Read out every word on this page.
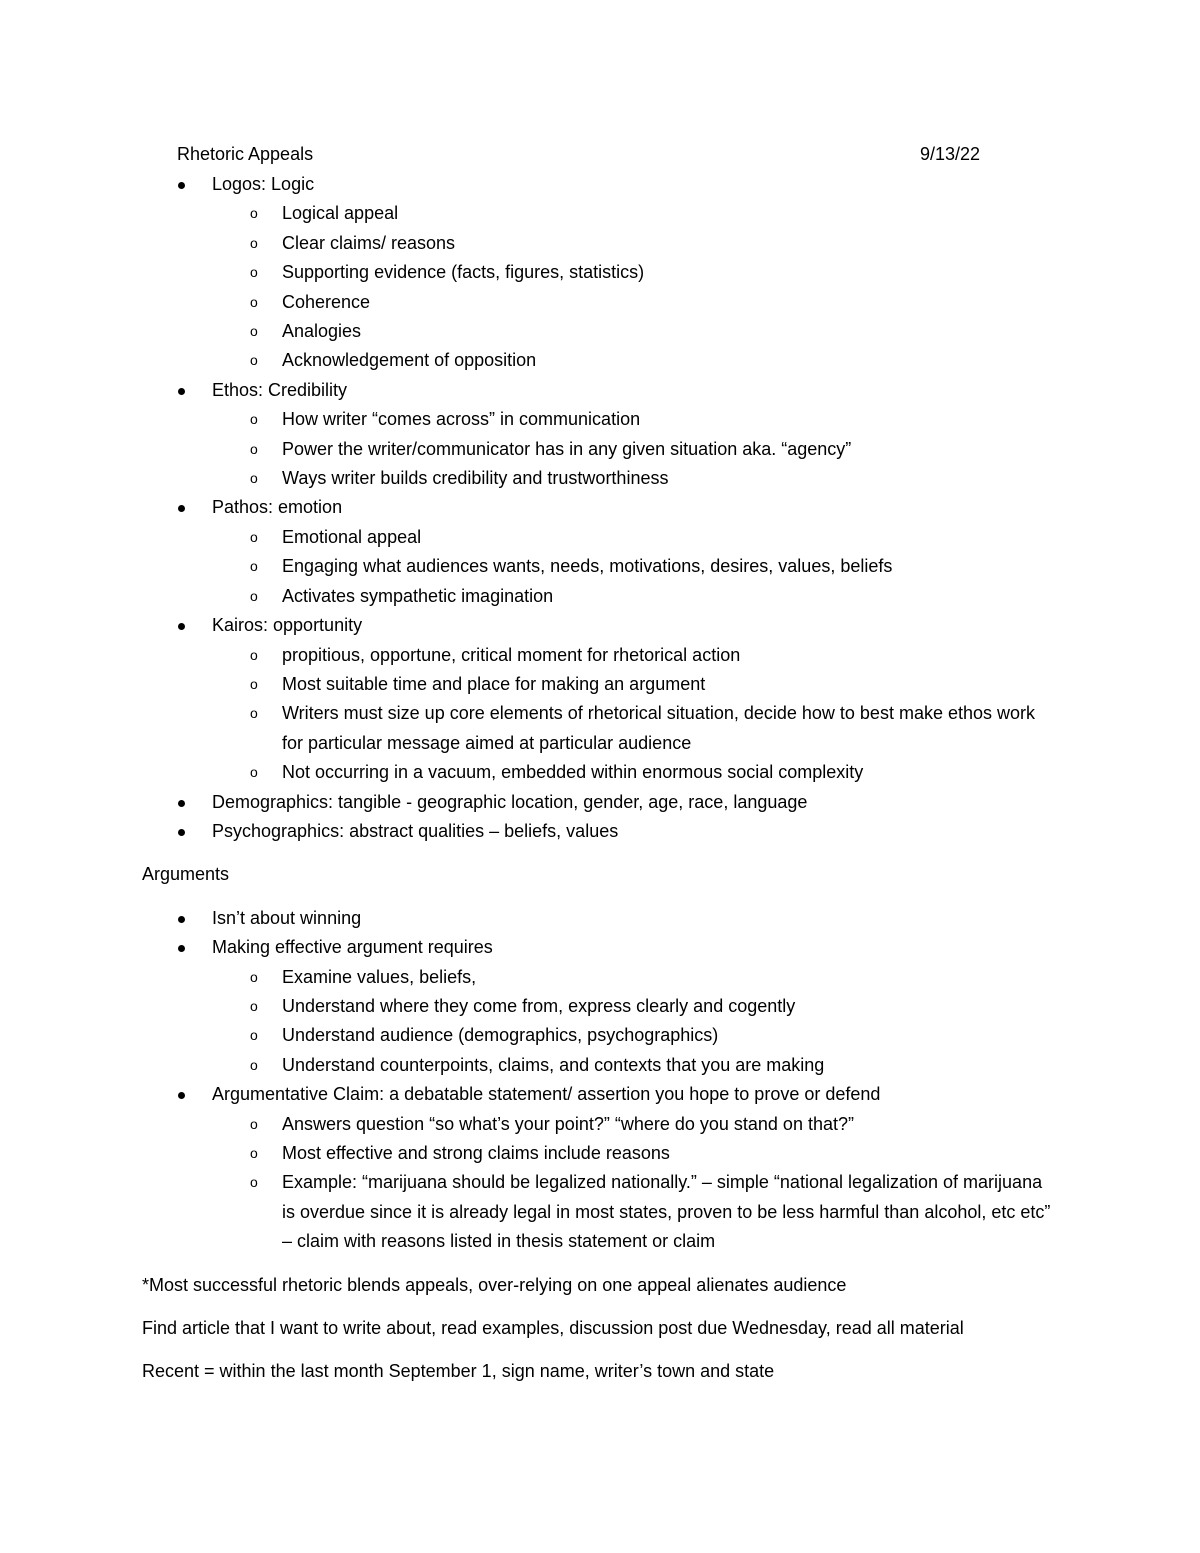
Rhetoric Appeals	9/13/22
Logos: Logic
o Logical appeal
o Clear claims/ reasons
o Supporting evidence (facts, figures, statistics)
o Coherence
o Analogies
o Acknowledgement of opposition
Ethos: Credibility
o How writer “comes across” in communication
o Power the writer/communicator has in any given situation aka. “agency”
o Ways writer builds credibility and trustworthiness
Pathos: emotion
o Emotional appeal
o Engaging what audiences wants, needs, motivations, desires, values, beliefs
o Activates sympathetic imagination
Kairos: opportunity
o propitious, opportune, critical moment for rhetorical action
o Most suitable time and place for making an argument
o Writers must size up core elements of rhetorical situation, decide how to best make ethos work for particular message aimed at particular audience
o Not occurring in a vacuum, embedded within enormous social complexity
Demographics: tangible - geographic location, gender, age, race, language
Psychographics: abstract qualities – beliefs, values
Arguments
Isn’t about winning
Making effective argument requires
o Examine values, beliefs,
o Understand where they come from, express clearly and cogently
o Understand audience (demographics, psychographics)
o Understand counterpoints, claims, and contexts that you are making
Argumentative Claim: a debatable statement/ assertion you hope to prove or defend
o Answers question “so what’s your point?” “where do you stand on that?”
o Most effective and strong claims include reasons
o Example: “marijuana should be legalized nationally.” – simple “national legalization of marijuana is overdue since it is already legal in most states, proven to be less harmful than alcohol, etc etc” – claim with reasons listed in thesis statement or claim
*Most successful rhetoric blends appeals, over-relying on one appeal alienates audience
Find article that I want to write about, read examples, discussion post due Wednesday, read all material
Recent = within the last month September 1, sign name, writer’s town and state
